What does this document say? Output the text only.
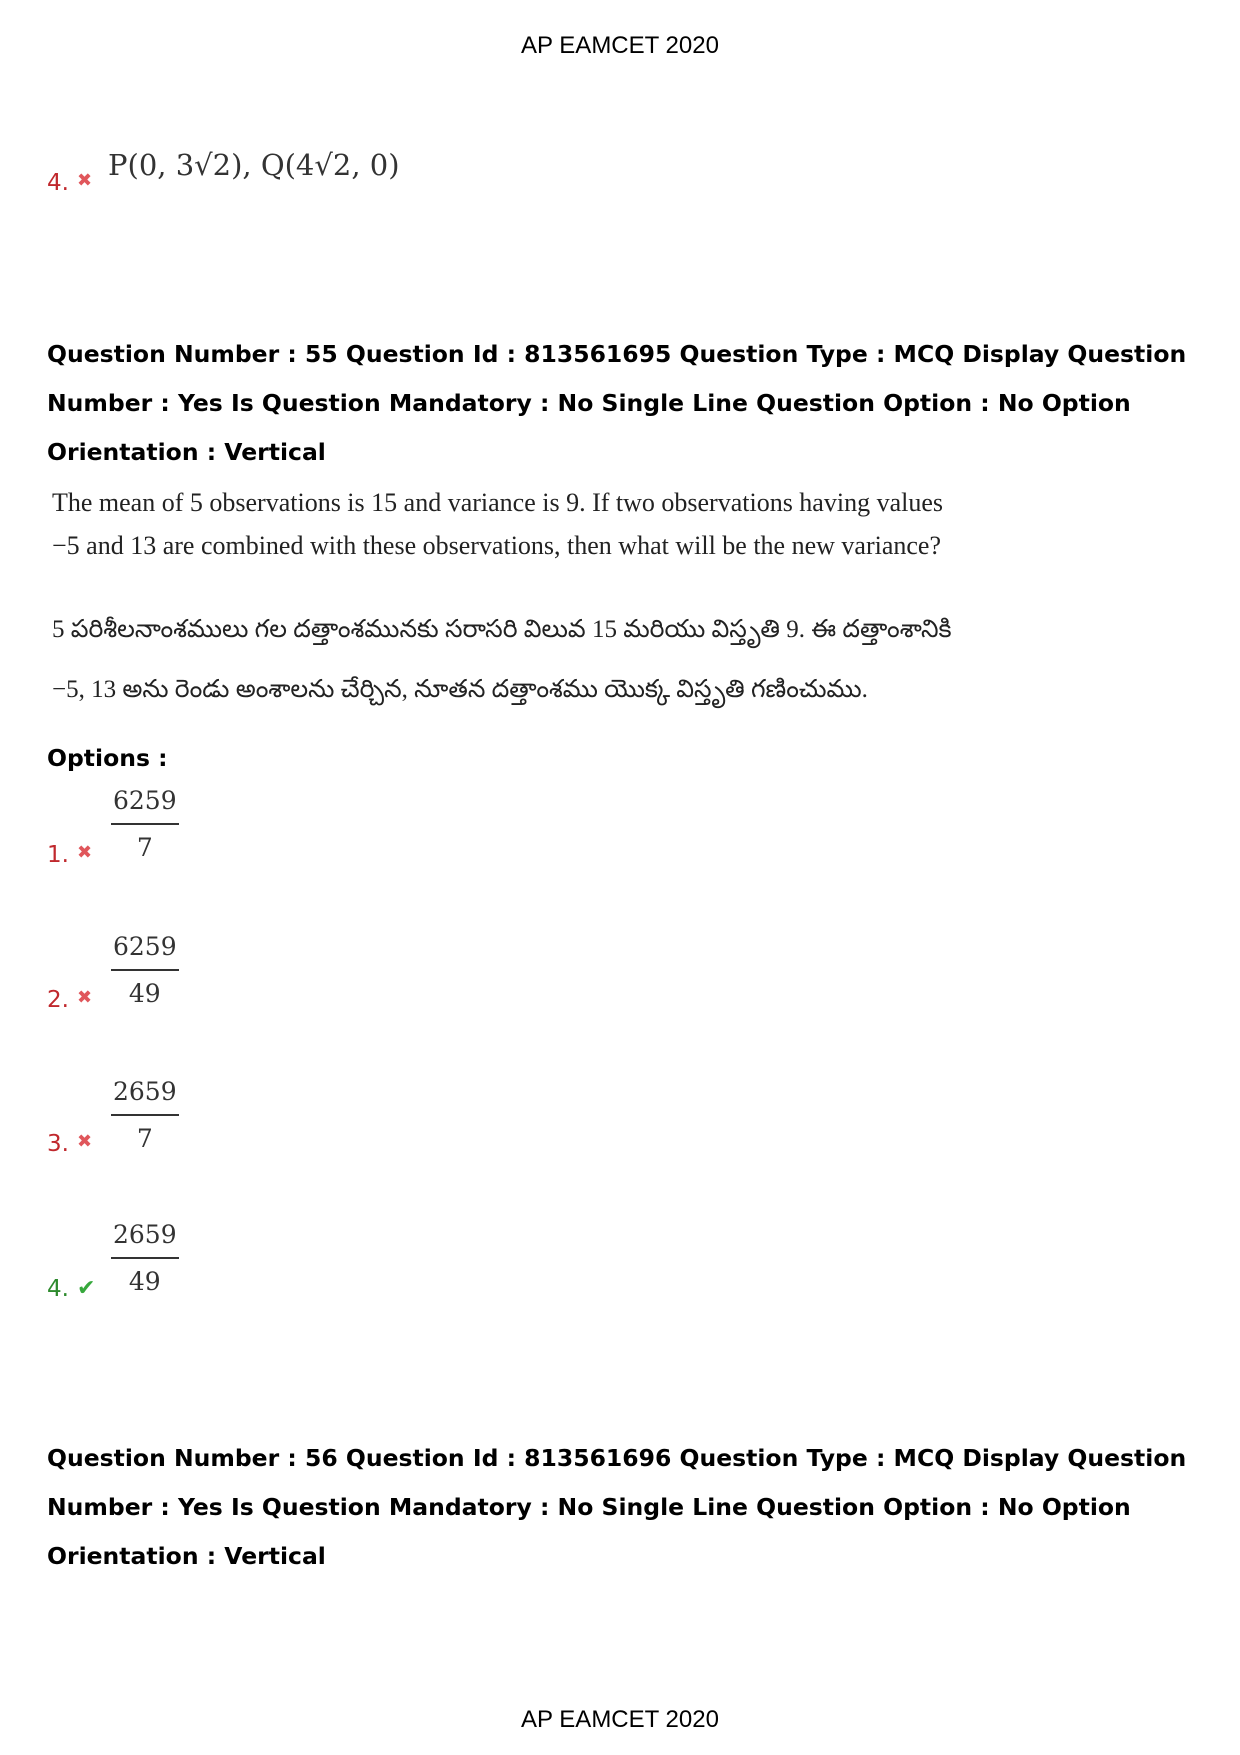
AP EAMCET 2020
4. ✖ P(0, 3√2), Q(4√2, 0)
Question Number : 55 Question Id : 813561695 Question Type : MCQ Display Question
Number : Yes Is Question Mandatory : No Single Line Question Option : No Option
Orientation : Vertical
The mean of 5 observations is 15 and variance is 9. If two observations having values
−5 and 13 are combined with these observations, then what will be the new variance?
5 పరిశీలనాంశములు గల దత్తాంశమునకు సరాసరి విలువ 15 మరియు విస్తృతి 9. ఈ దత్తాంశానికి
−5, 13 అను రెండు అంశాలను చేర్చిన, నూతన దత్తాంశము యొక్క విస్తృతి గణించుము.
Options :
1. ✖ $\frac{6259}{7}$
2. ✖ $\frac{6259}{49}$
3. ✖ $\frac{2659}{7}$
4. ✔ $\frac{2659}{49}$
Question Number : 56 Question Id : 813561696 Question Type : MCQ Display Question
Number : Yes Is Question Mandatory : No Single Line Question Option : No Option
Orientation : Vertical
AP EAMCET 2020
